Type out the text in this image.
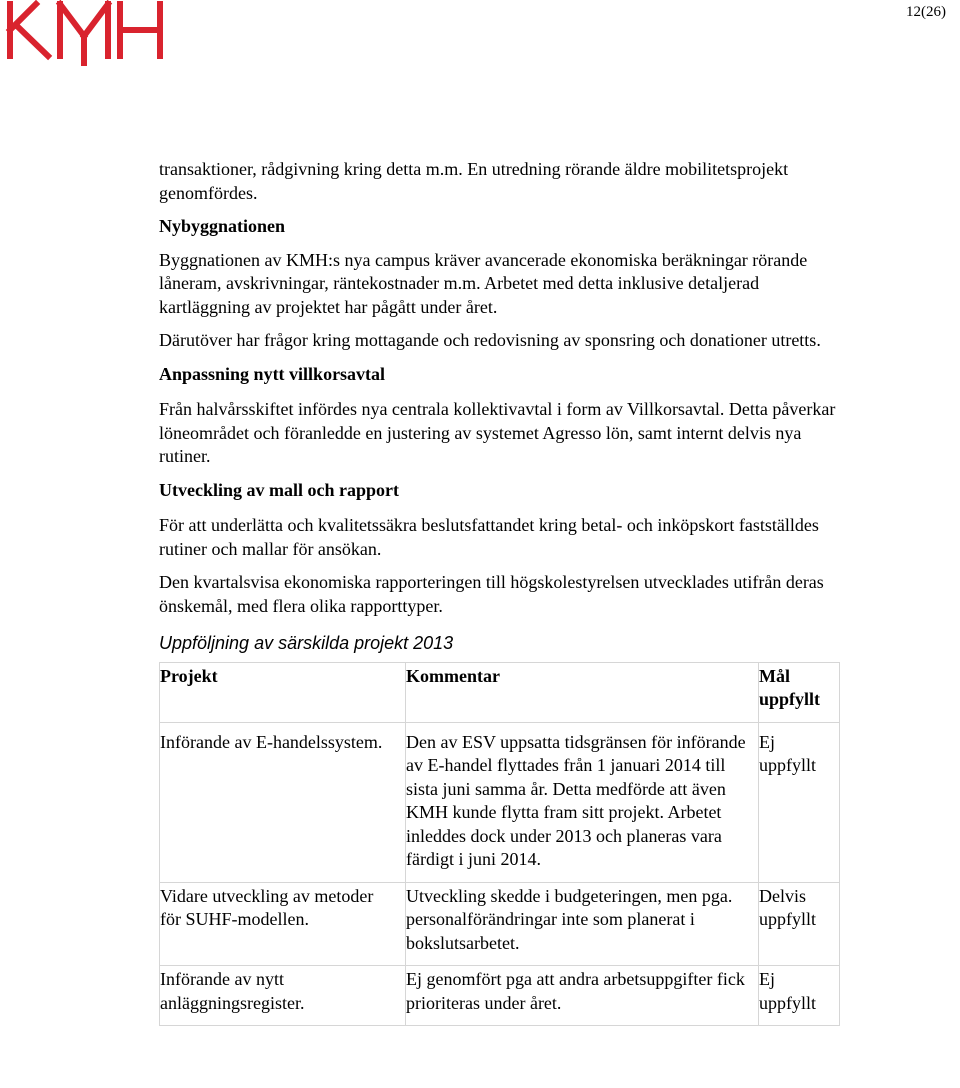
12(26)

transaktioner, rådgivning kring detta m.m. En utredning rörande äldre mobilitetsprojekt genomfördes.

Nybyggnationen

Byggnationen av KMH:s nya campus kräver avancerade ekonomiska beräkningar rörande låneram, avskrivningar, räntekostnader m.m. Arbetet med detta inklusive detaljerad kartläggning av projektet har pågått under året.

Därutöver har frågor kring mottagande och redovisning av sponsring och donationer utretts.

Anpassning nytt villkorsavtal

Från halvårsskiftet infördes nya centrala kollektivavtal i form av Villkorsavtal. Detta påverkar löneområdet och föranledde en justering av systemet Agresso lön, samt internt delvis nya rutiner.

Utveckling av mall och rapport

För att underlätta och kvalitetssäkra beslutsfattandet kring betal- och inköpskort fastställdes rutiner och mallar för ansökan.

Den kvartalsvisa ekonomiska rapporteringen till högskolestyrelsen utvecklades utifrån deras önskemål, med flera olika rapporttyper.

Uppföljning av särskilda projekt 2013
Projekt	Kommentar	Mål uppfyllt
Införande av E-handelssystem.	Den av ESV uppsatta tidsgränsen för införande av E-handel flyttades från 1 januari 2014 till sista juni samma år. Detta medförde att även KMH kunde flytta fram sitt projekt. Arbetet inleddes dock under 2013 och planeras vara färdigt i juni 2014.	Ej uppfyllt
Vidare utveckling av metoder för SUHF-modellen.	Utveckling skedde i budgeteringen, men pga. personalförändringar inte som planerat i bokslutsarbetet.	Delvis uppfyllt
Införande av nytt anläggningsregister.	Ej genomfört pga att andra arbetsuppgifter fick prioriteras under året.	Ej uppfyllt
